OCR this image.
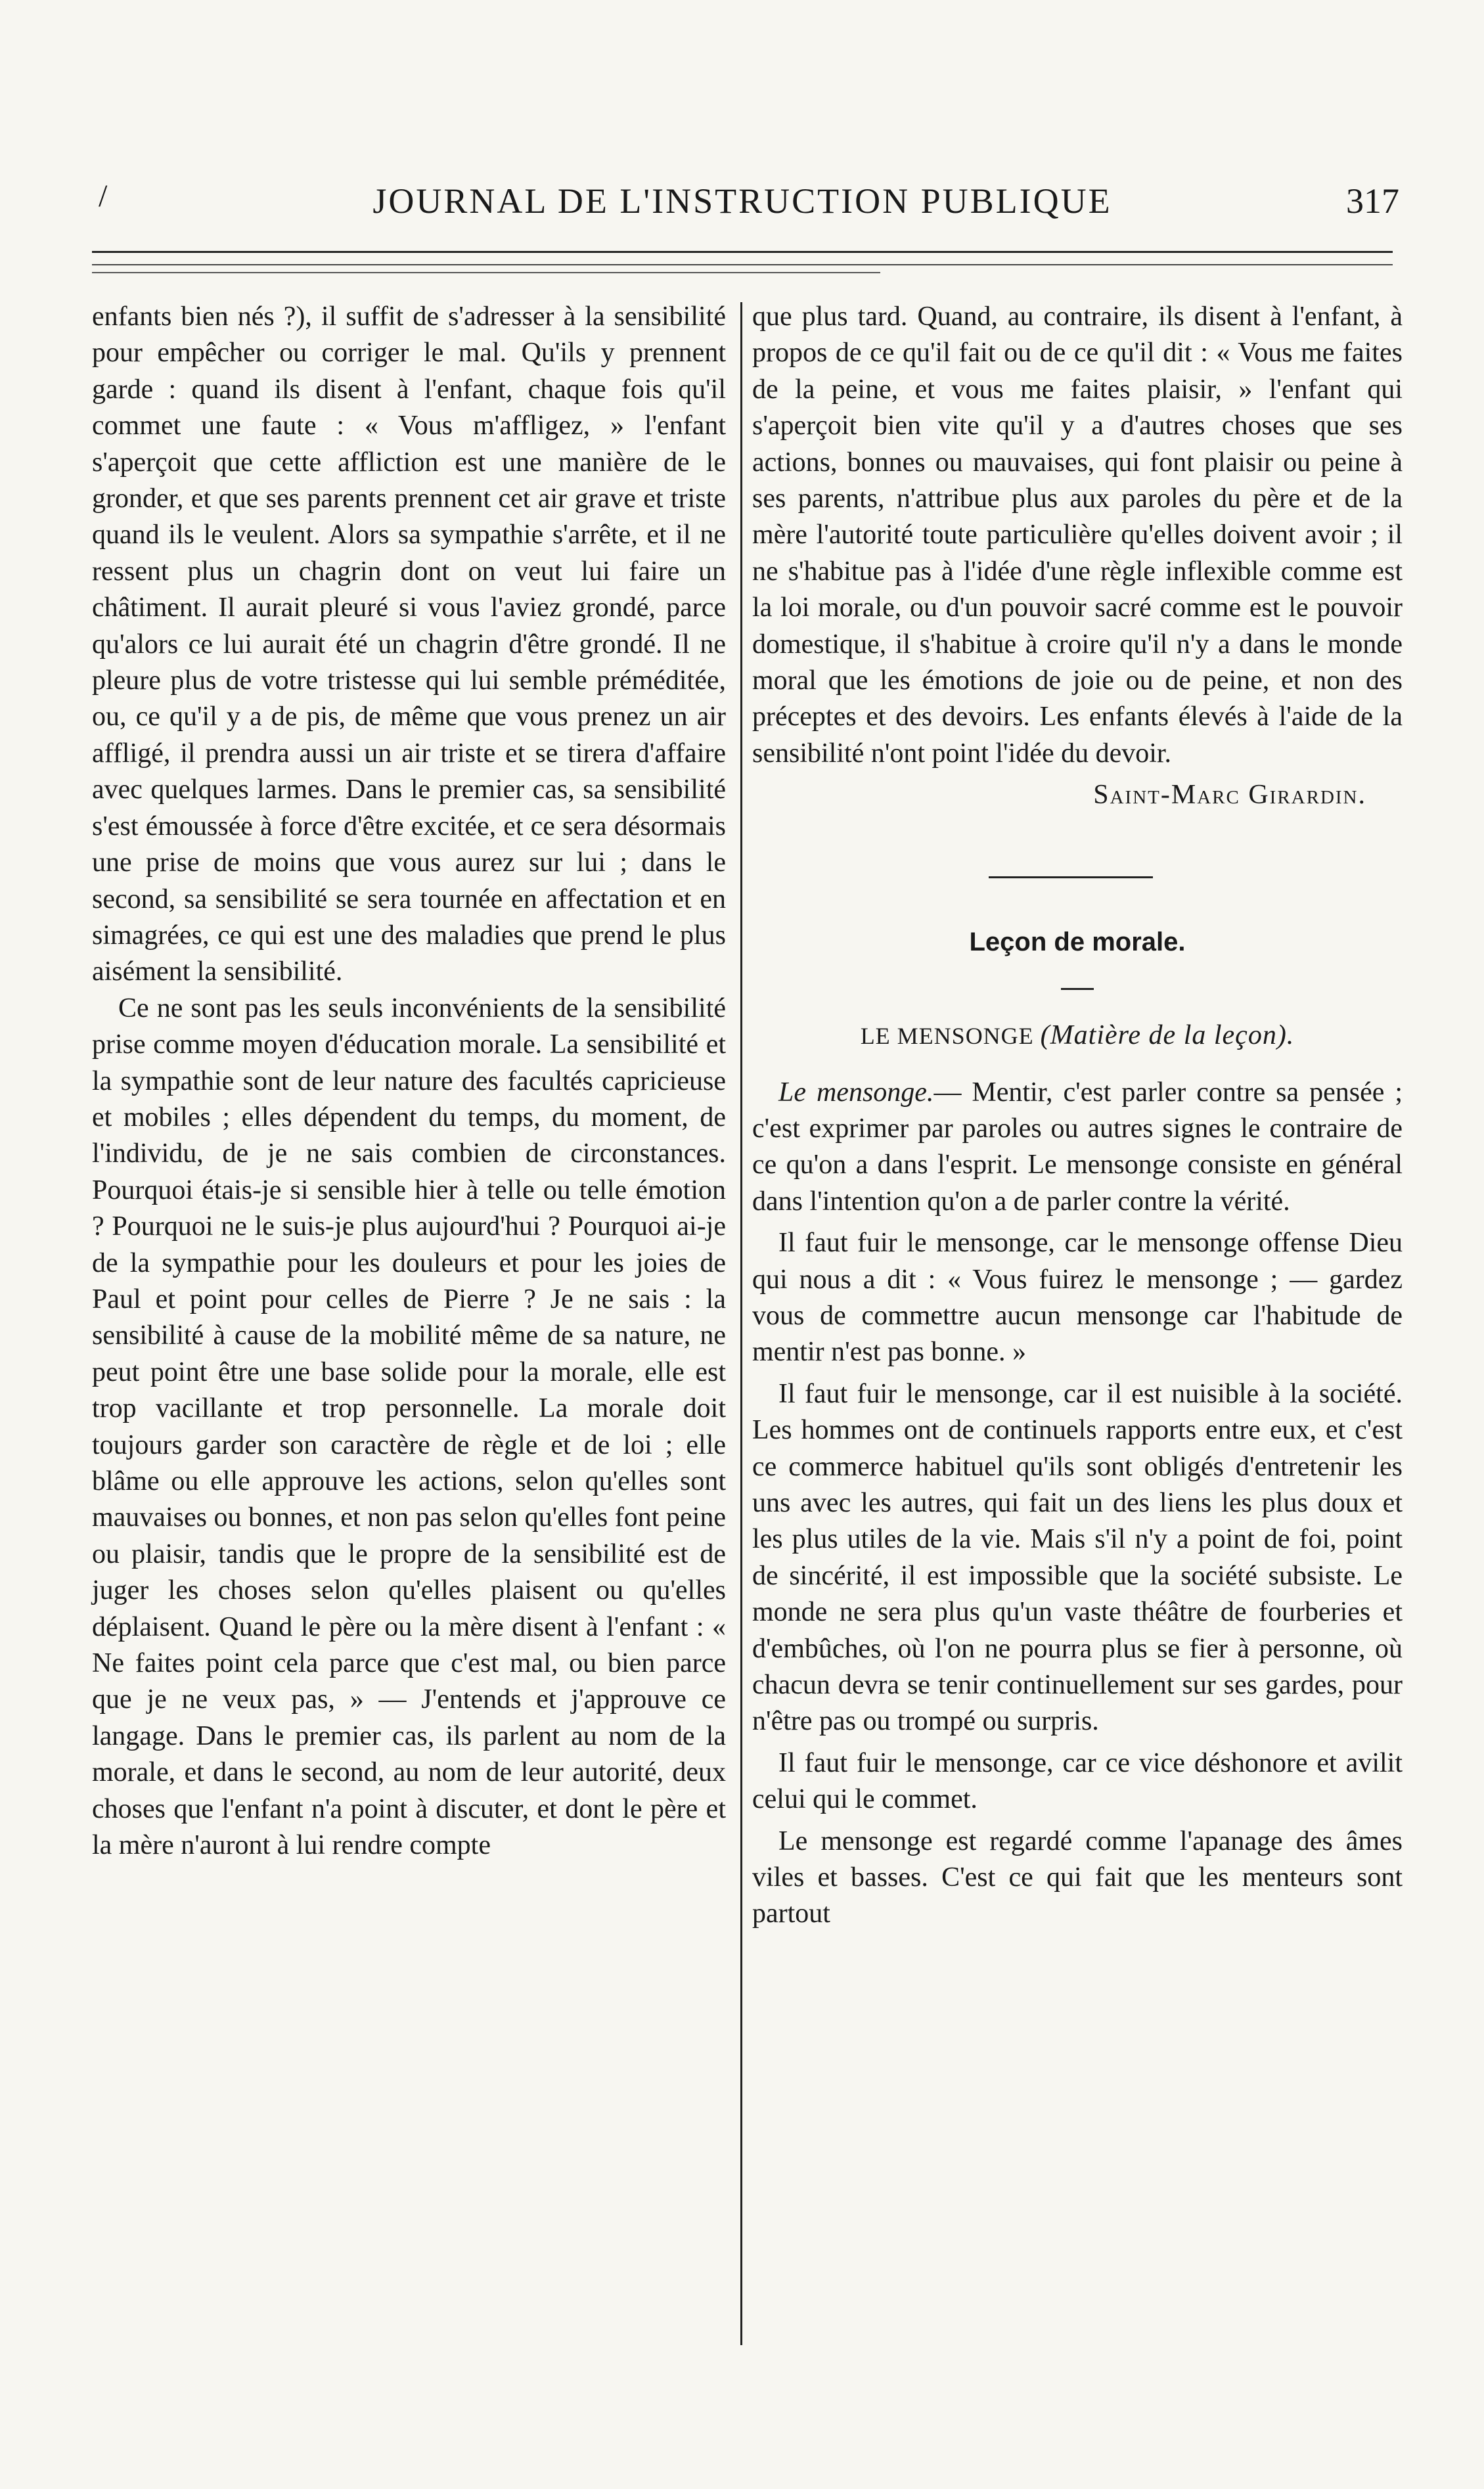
/	JOURNAL DE L'INSTRUCTION PUBLIQUE	317

enfants bien nés ?), il suffit de s'adresser à la sensibilité pour empêcher ou corriger le mal. Qu'ils y prennent garde : quand ils disent à l'enfant, chaque fois qu'il commet une faute : « Vous m'affligez, » l'enfant s'aperçoit que cette affliction est une manière de le gronder, et que ses parents prennent cet air grave et triste quand ils le veulent. Alors sa sympathie s'arrête, et il ne ressent plus un chagrin dont on veut lui faire un châtiment. Il aurait pleuré si vous l'aviez grondé, parce qu'alors ce lui aurait été un chagrin d'être grondé. Il ne pleure plus de votre tristesse qui lui semble préméditée, ou, ce qu'il y a de pis, de même que vous prenez un air affligé, il prendra aussi un air triste et se tirera d'affaire avec quelques larmes. Dans le premier cas, sa sensibilité s'est émoussée à force d'être excitée, et ce sera désormais une prise de moins que vous aurez sur lui ; dans le second, sa sensibilité se sera tournée en affectation et en simagrées, ce qui est une des maladies que prend le plus aisément la sensibilité.

Ce ne sont pas les seuls inconvénients de la sensibilité prise comme moyen d'éducation morale. La sensibilité et la sympathie sont de leur nature des facultés capricieuse et mobiles ; elles dépendent du temps, du moment, de l'individu, de je ne sais combien de circonstances. Pourquoi étais-je si sensible hier à telle ou telle émotion ? Pourquoi ne le suis-je plus aujourd'hui ? Pourquoi ai-je de la sympathie pour les douleurs et pour les joies de Paul et point pour celles de Pierre ? Je ne sais : la sensibilité à cause de la mobilité même de sa nature, ne peut point être une base solide pour la morale, elle est trop vacillante et trop personnelle. La morale doit toujours garder son caractère de règle et de loi ; elle blâme ou elle approuve les actions, selon qu'elles sont mauvaises ou bonnes, et non pas selon qu'elles font peine ou plaisir, tandis que le propre de la sensibilité est de juger les choses selon qu'elles plaisent ou qu'elles déplaisent. Quand le père ou la mère disent à l'enfant : « Ne faites point cela parce que c'est mal, ou bien parce que je ne veux pas, » — J'entends et j'approuve ce langage. Dans le premier cas, ils parlent au nom de la morale, et dans le second, au nom de leur autorité, deux choses que l'enfant n'a point à discuter, et dont le père et la mère n'auront à lui rendre compte

que plus tard. Quand, au contraire, ils disent à l'enfant, à propos de ce qu'il fait ou de ce qu'il dit : « Vous me faites de la peine, et vous me faites plaisir, » l'enfant qui s'aperçoit bien vite qu'il y a d'autres choses que ses actions, bonnes ou mauvaises, qui font plaisir ou peine à ses parents, n'attribue plus aux paroles du père et de la mère l'autorité toute particulière qu'elles doivent avoir ; il ne s'habitue pas à l'idée d'une règle inflexible comme est la loi morale, ou d'un pouvoir sacré comme est le pouvoir domestique, il s'habitue à croire qu'il n'y a dans le monde moral que les émotions de joie ou de peine, et non des préceptes et des devoirs. Les enfants élevés à l'aide de la sensibilité n'ont point l'idée du devoir.

Saint-Marc Girardin.

Leçon de morale.

LE MENSONGE (Matière de la leçon).

Le mensonge.— Mentir, c'est parler contre sa pensée ; c'est exprimer par paroles ou autres signes le contraire de ce qu'on a dans l'esprit. Le mensonge consiste en général dans l'intention qu'on a de parler contre la vérité.

Il faut fuir le mensonge, car le mensonge offense Dieu qui nous a dit : « Vous fuirez le mensonge ; — gardez vous de commettre aucun mensonge car l'habitude de mentir n'est pas bonne. »

Il faut fuir le mensonge, car il est nuisible à la société. Les hommes ont de continuels rapports entre eux, et c'est ce commerce habituel qu'ils sont obligés d'entretenir les uns avec les autres, qui fait un des liens les plus doux et les plus utiles de la vie. Mais s'il n'y a point de foi, point de sincérité, il est impossible que la société subsiste. Le monde ne sera plus qu'un vaste théâtre de fourberies et d'embûches, où l'on ne pourra plus se fier à personne, où chacun devra se tenir continuellement sur ses gardes, pour n'être pas ou trompé ou surpris.

Il faut fuir le mensonge, car ce vice déshonore et avilit celui qui le commet.

Le mensonge est regardé comme l'apanage des âmes viles et basses. C'est ce qui fait que les menteurs sont partout
